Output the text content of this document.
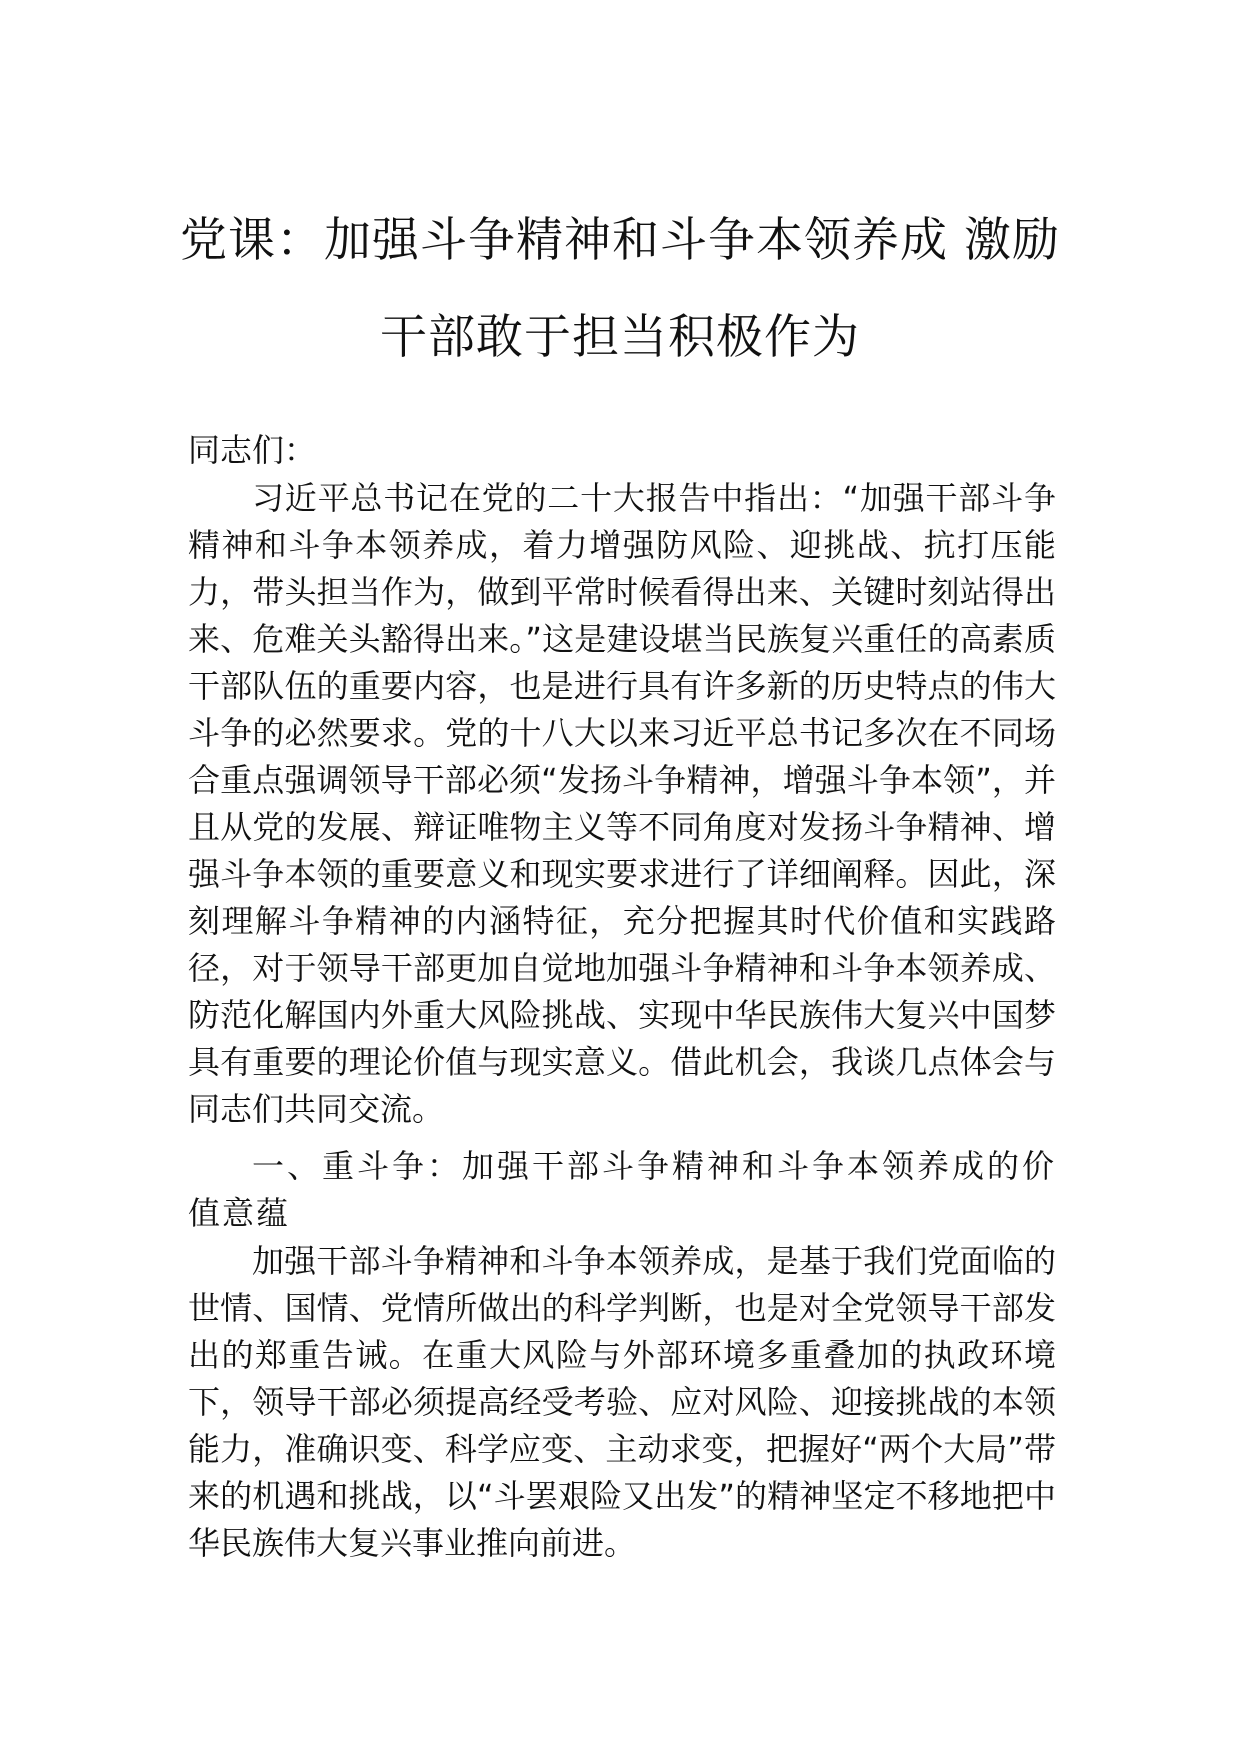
党课：加强斗争精神和斗争本领养成 激励
干部敢于担当积极作为

同志们：

习近平总书记在党的二十大报告中指出：“加强干部斗争精神和斗争本领养成，着力增强防风险、迎挑战、抗打压能力，带头担当作为，做到平常时候看得出来、关键时刻站得出来、危难关头豁得出来。”这是建设堪当民族复兴重任的高素质干部队伍的重要内容，也是进行具有许多新的历史特点的伟大斗争的必然要求。党的十八大以来习近平总书记多次在不同场合重点强调领导干部必须“发扬斗争精神，增强斗争本领”，并且从党的发展、辩证唯物主义等不同角度对发扬斗争精神、增强斗争本领的重要意义和现实要求进行了详细阐释。因此，深刻理解斗争精神的内涵特征，充分把握其时代价值和实践路径，对于领导干部更加自觉地加强斗争精神和斗争本领养成、防范化解国内外重大风险挑战、实现中华民族伟大复兴中国梦具有重要的理论价值与现实意义。借此机会，我谈几点体会与同志们共同交流。

一、重斗争：加强干部斗争精神和斗争本领养成的价值意蕴

加强干部斗争精神和斗争本领养成，是基于我们党面临的世情、国情、党情所做出的科学判断，也是对全党领导干部发出的郑重告诫。在重大风险与外部环境多重叠加的执政环境下，领导干部必须提高经受考验、应对风险、迎接挑战的本领能力，准确识变、科学应变、主动求变，把握好“两个大局”带来的机遇和挑战，以“斗罢艰险又出发”的精神坚定不移地把中华民族伟大复兴事业推向前进。
